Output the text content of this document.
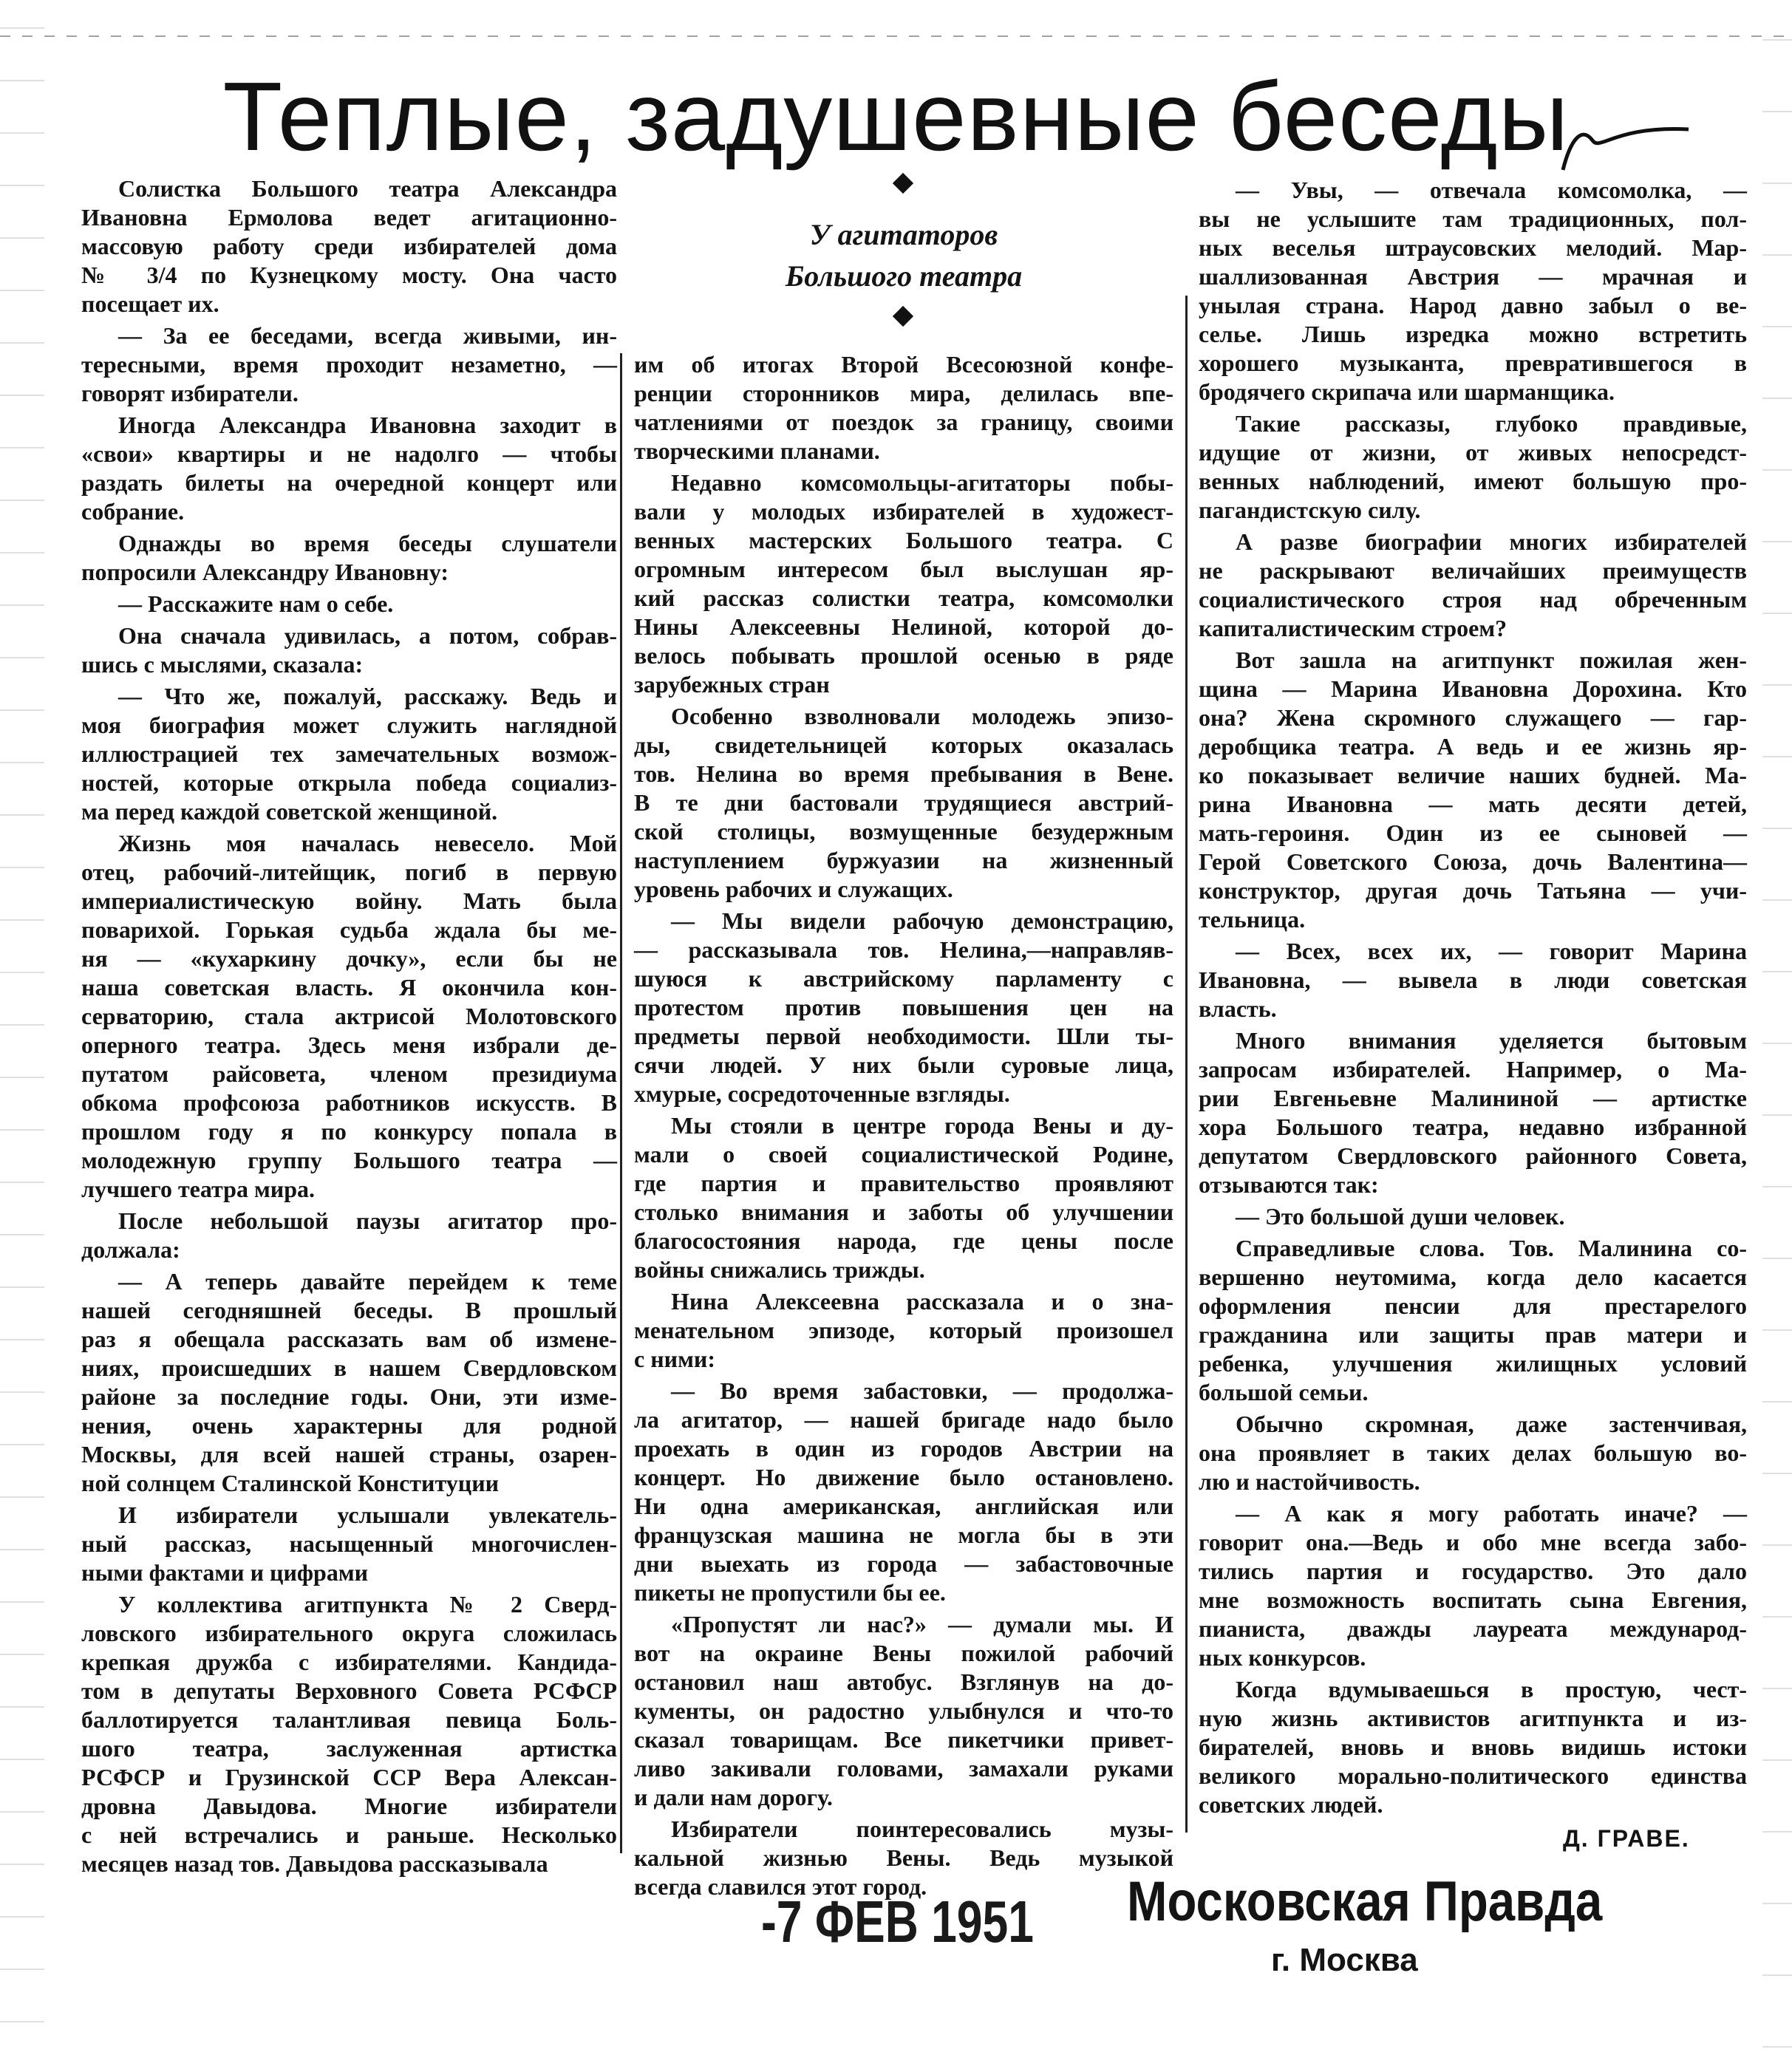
Теплые, задушевные беседы
У агитаторов
Большого театра
Солистка Большого театра Александра
Ивановна Ермолова ведет агитационно-
массовую работу среди избирателей дома
№ 3/4 по Кузнецкому мосту. Она часто
посещает их.
— За ее беседами, всегда живыми, ин-
тересными, время проходит незаметно, —
говорят избиратели.
Иногда Александра Ивановна заходит в
«свои» квартиры и не надолго — чтобы
раздать билеты на очередной концерт или
собрание.
Однажды во время беседы слушатели
попросили Александру Ивановну:
— Расскажите нам о себе.
Она сначала удивилась, а потом, собрав-
шись с мыслями, сказала:
— Что же, пожалуй, расскажу. Ведь и
моя биография может служить наглядной
иллюстрацией тех замечательных возмож-
ностей, которые открыла победа социализ-
ма перед каждой советской женщиной.
Жизнь моя началась невесело. Мой
отец, рабочий-литейщик, погиб в первую
империалистическую войну. Мать была
поварихой. Горькая судьба ждала бы ме-
ня — «кухаркину дочку», если бы не
наша советская власть. Я окончила кон-
серваторию, стала актрисой Молотовского
оперного театра. Здесь меня избрали де-
путатом райсовета, членом президиума
обкома профсоюза работников искусств. В
прошлом году я по конкурсу попала в
молодежную группу Большого театра —
лучшего театра мира.
После небольшой паузы агитатор про-
должала:
— А теперь давайте перейдем к теме
нашей сегодняшней беседы. В прошлый
раз я обещала рассказать вам об измене-
ниях, происшедших в нашем Свердловском
районе за последние годы. Они, эти изме-
нения, очень характерны для родной
Москвы, для всей нашей страны, озарен-
ной солнцем Сталинской Конституции
И избиратели услышали увлекатель-
ный рассказ, насыщенный многочислен-
ными фактами и цифрами
У коллектива агитпункта № 2 Сверд-
ловского избирательного округа сложилась
крепкая дружба с избирателями. Кандида-
том в депутаты Верховного Совета РСФСР
баллотируется талантливая певица Боль-
шого театра, заслуженная артистка
РСФСР и Грузинской ССР Вера Алексан-
дровна Давыдова. Многие избиратели
с ней встречались и раньше. Несколько
месяцев назад тов. Давыдова рассказывала
им об итогах Второй Всесоюзной конфе-
ренции сторонников мира, делилась впе-
чатлениями от поездок за границу, своими
творческими планами.
Недавно комсомольцы-агитаторы побы-
вали у молодых избирателей в художест-
венных мастерских Большого театра. С
огромным интересом был выслушан яр-
кий рассказ солистки театра, комсомолки
Нины Алексеевны Нелиной, которой до-
велось побывать прошлой осенью в ряде
зарубежных стран
Особенно взволновали молодежь эпизо-
ды, свидетельницей которых оказалась
тов. Нелина во время пребывания в Вене.
В те дни бастовали трудящиеся австрий-
ской столицы, возмущенные безудержным
наступлением буржуазии на жизненный
уровень рабочих и служащих.
— Мы видели рабочую демонстрацию,
— рассказывала тов. Нелина,—направляв-
шуюся к австрийскому парламенту с
протестом против повышения цен на
предметы первой необходимости. Шли ты-
сячи людей. У них были суровые лица,
хмурые, сосредоточенные взгляды.
Мы стояли в центре города Вены и ду-
мали о своей социалистической Родине,
где партия и правительство проявляют
столько внимания и заботы об улучшении
благосостояния народа, где цены после
войны снижались трижды.
Нина Алексеевна рассказала и о зна-
менательном эпизоде, который произошел
с ними:
— Во время забастовки, — продолжа-
ла агитатор, — нашей бригаде надо было
проехать в один из городов Австрии на
концерт. Но движение было остановлено.
Ни одна американская, английская или
французская машина не могла бы в эти
дни выехать из города — забастовочные
пикеты не пропустили бы ее.
«Пропустят ли нас?» — думали мы. И
вот на окраине Вены пожилой рабочий
остановил наш автобус. Взглянув на до-
кументы, он радостно улыбнулся и что-то
сказал товарищам. Все пикетчики привет-
ливо закивали головами, замахали руками
и дали нам дорогу.
Избиратели поинтересовались музы-
кальной жизнью Вены. Ведь музыкой
всегда славился этот город.
— Увы, — отвечала комсомолка, —
вы не услышите там традиционных, пол-
ных веселья штраусовских мелодий. Мар-
шаллизованная Австрия — мрачная и
унылая страна. Народ давно забыл о ве-
селье. Лишь изредка можно встретить
хорошего музыканта, превратившегося в
бродячего скрипача или шарманщика.
Такие рассказы, глубоко правдивые,
идущие от жизни, от живых непосредст-
венных наблюдений, имеют большую про-
пагандистскую силу.
А разве биографии многих избирателей
не раскрывают величайших преимуществ
социалистического строя над обреченным
капиталистическим строем?
Вот зашла на агитпункт пожилая жен-
щина — Марина Ивановна Дорохина. Кто
она? Жена скромного служащего — гар-
деробщика театра. А ведь и ее жизнь яр-
ко показывает величие наших будней. Ма-
рина Ивановна — мать десяти детей,
мать-героиня. Один из ее сыновей —
Герой Советского Союза, дочь Валентина—
конструктор, другая дочь Татьяна — учи-
тельница.
— Всех, всех их, — говорит Марина
Ивановна, — вывела в люди советская
власть.
Много внимания уделяется бытовым
запросам избирателей. Например, о Ма-
рии Евгеньевне Малининой — артистке
хора Большого театра, недавно избранной
депутатом Свердловского районного Совета,
отзываются так:
— Это большой души человек.
Справедливые слова. Тов. Малинина со-
вершенно неутомима, когда дело касается
оформления пенсии для престарелого
гражданина или защиты прав матери и
ребенка, улучшения жилищных условий
большой семьи.
Обычно скромная, даже застенчивая,
она проявляет в таких делах большую во-
лю и настойчивость.
— А как я могу работать иначе? —
говорит она.—Ведь и обо мне всегда забо-
тились партия и государство. Это дало
мне возможность воспитать сына Евгения,
пианиста, дважды лауреата международ-
ных конкурсов.
Когда вдумываешься в простую, чест-
ную жизнь активистов агитпункта и из-
бирателей, вновь и вновь видишь истоки
великого морально-политического единства
советских людей.
Д. ГРАВЕ.
-7 ФЕВ 1951 Московская Правда
г. Москва
